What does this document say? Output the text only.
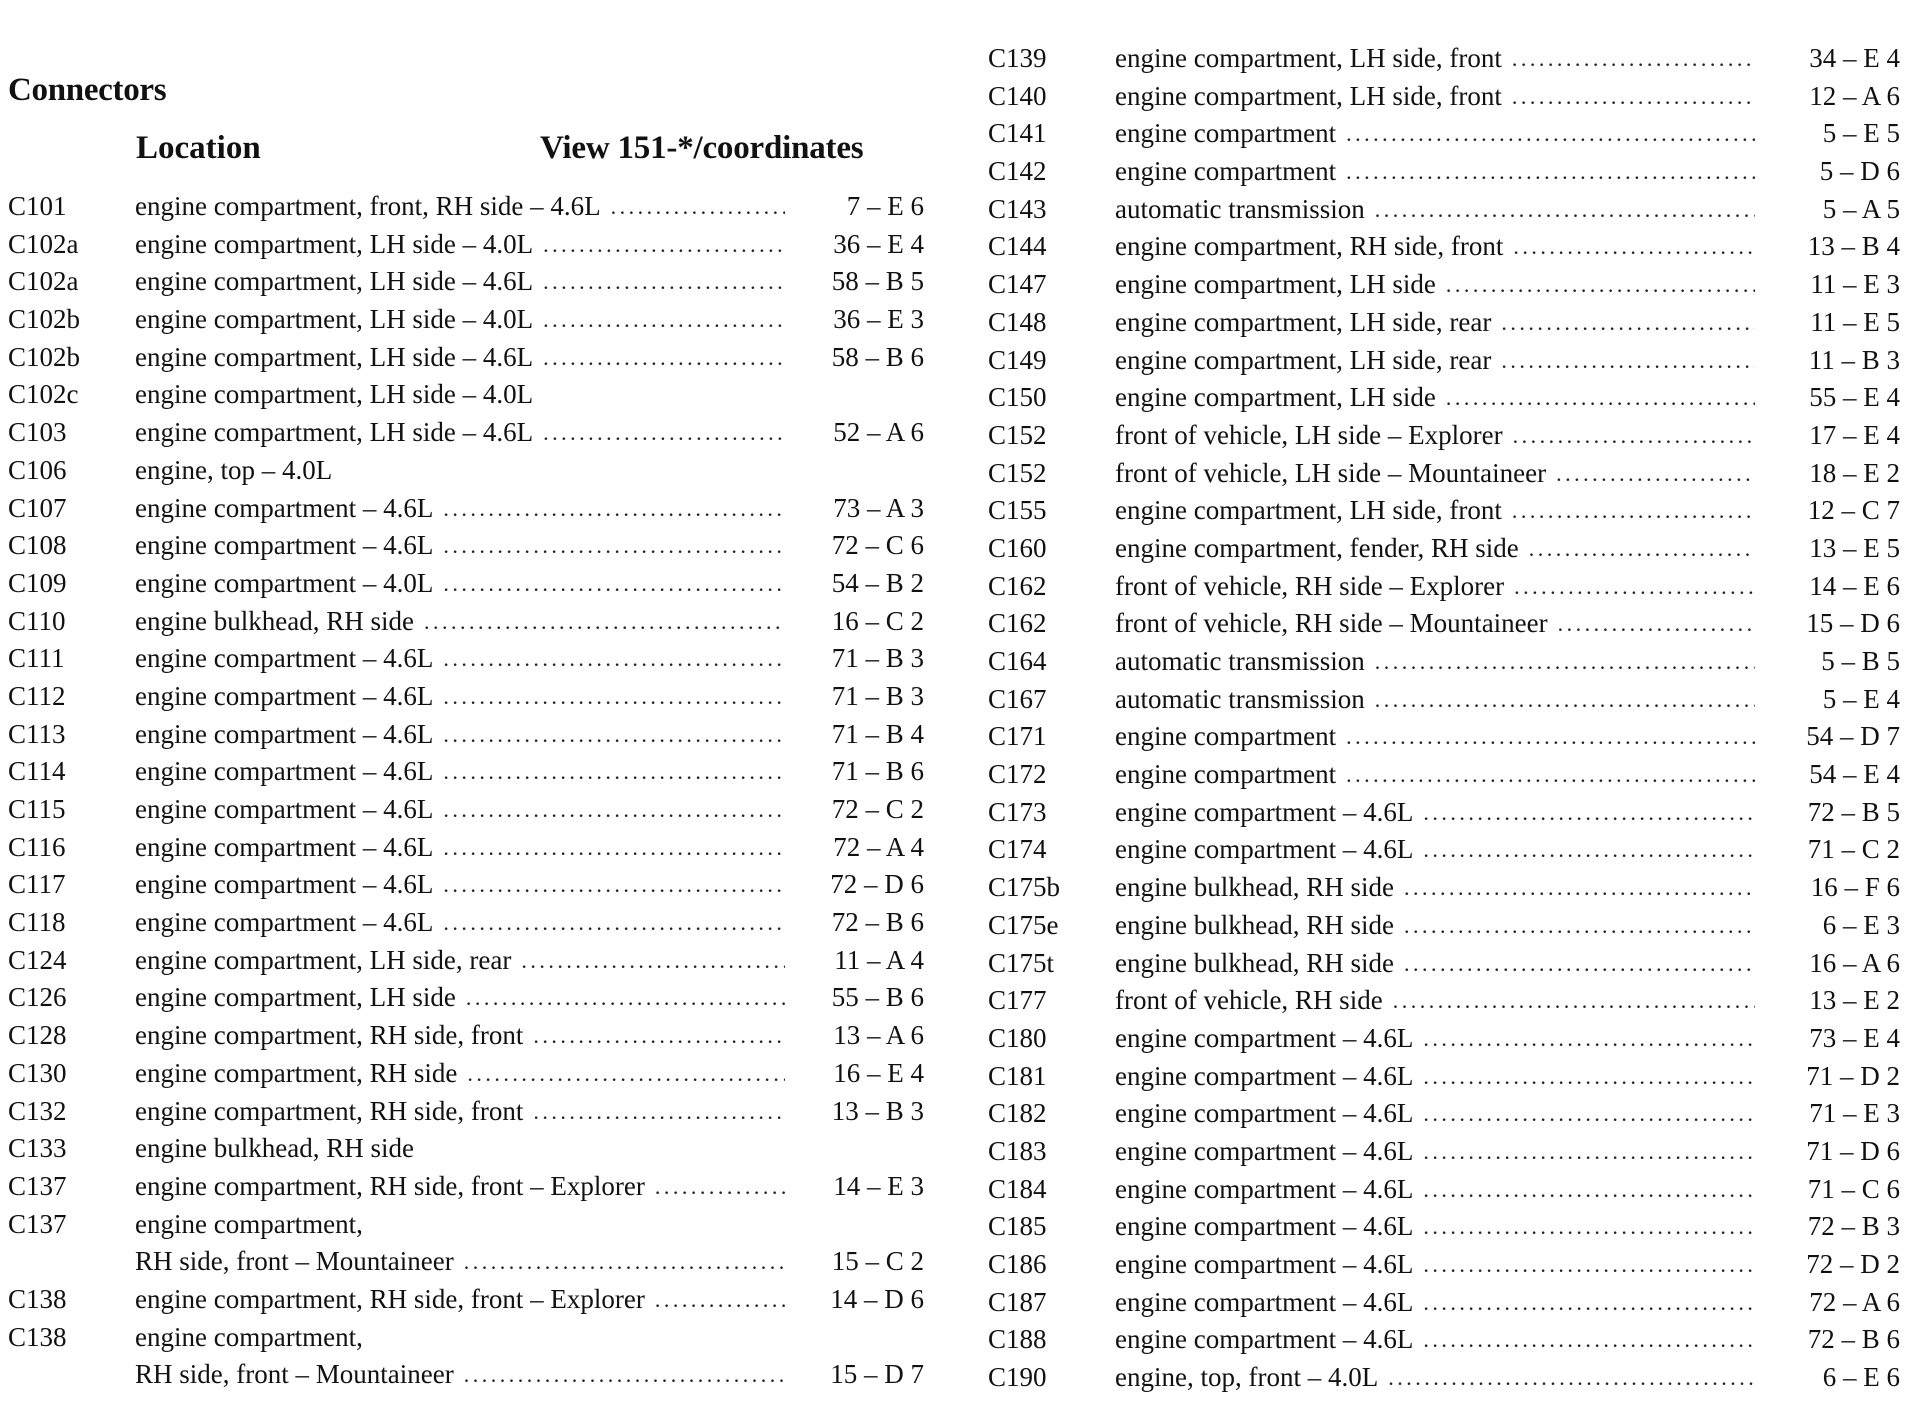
Connectors
Location	View 151-*/coordinates
C101	engine compartment, front, RH side – 4.6L . . .	7 – E 6
C102a engine compartment, LH side – 4.0L . . .	36 – E 4
C102a engine compartment, LH side – 4.6L . . .	58 – B 5
C102b engine compartment, LH side – 4.0L . . .	36 – E 3
C102b engine compartment, LH side – 4.6L . . .	58 – B 6
C102c engine compartment, LH side – 4.0L
C103	engine compartment, LH side – 4.6L . . .	52 – A 6
C106	engine, top – 4.0L
C107	engine compartment – 4.6L . . .	73 – A 3
C108	engine compartment – 4.6L . . .	72 – C 6
C109	engine compartment – 4.0L . . .	54 – B 2
C110	engine bulkhead, RH side . . .	16 – C 2
C111	engine compartment – 4.6L . . .	71 – B 3
C112	engine compartment – 4.6L . . .	71 – B 3
C113	engine compartment – 4.6L . . .	71 – B 4
C114	engine compartment – 4.6L . . .	71 – B 6
C115	engine compartment – 4.6L . . .	72 – C 2
C116	engine compartment – 4.6L . . .	72 – A 4
C117	engine compartment – 4.6L . . .	72 – D 6
C118	engine compartment – 4.6L . . .	72 – B 6
C124	engine compartment, LH side, rear . . .	11 – A 4
C126	engine compartment, LH side . . .	55 – B 6
C128	engine compartment, RH side, front . . .	13 – A 6
C130	engine compartment, RH side . . .	16 – E 4
C132	engine compartment, RH side, front . . .	13 – B 3
C133	engine bulkhead, RH side
C137	engine compartment, RH side, front – Explorer . . .	14 – E 3
C137	engine compartment,
RH side, front – Mountaineer . . .	15 – C 2
C138	engine compartment, RH side, front – Explorer . . .	14 – D 6
C138	engine compartment,
RH side, front – Mountaineer . . .	15 – D 7
C139	engine compartment, LH side, front . . .	34 – E 4
C140	engine compartment, LH side, front . . .	12 – A 6
C141	engine compartment . . .	5 – E 5
C142	engine compartment . . .	5 – D 6
C143	automatic transmission . . .	5 – A 5
C144	engine compartment, RH side, front . . .	13 – B 4
C147	engine compartment, LH side . . .	11 – E 3
C148	engine compartment, LH side, rear . . .	11 – E 5
C149	engine compartment, LH side, rear . . .	11 – B 3
C150	engine compartment, LH side . . .	55 – E 4
C152	front of vehicle, LH side – Explorer . . .	17 – E 4
C152	front of vehicle, LH side – Mountaineer . . .	18 – E 2
C155	engine compartment, LH side, front . . .	12 – C 7
C160	engine compartment, fender, RH side . . .	13 – E 5
C162	front of vehicle, RH side – Explorer . . .	14 – E 6
C162	front of vehicle, RH side – Mountaineer . . .	15 – D 6
C164	automatic transmission . . .	5 – B 5
C167	automatic transmission . . .	5 – E 4
C171	engine compartment . . .	54 – D 7
C172	engine compartment . . .	54 – E 4
C173	engine compartment – 4.6L . . .	72 – B 5
C174	engine compartment – 4.6L . . .	71 – C 2
C175b engine bulkhead, RH side . . .	16 – F 6
C175e engine bulkhead, RH side . . .	6 – E 3
C175t engine bulkhead, RH side . . .	16 – A 6
C177	front of vehicle, RH side . . .	13 – E 2
C180	engine compartment – 4.6L . . .	73 – E 4
C181	engine compartment – 4.6L . . .	71 – D 2
C182	engine compartment – 4.6L . . .	71 – E 3
C183	engine compartment – 4.6L . . .	71 – D 6
C184	engine compartment – 4.6L . . .	71 – C 6
C185	engine compartment – 4.6L . . .	72 – B 3
C186	engine compartment – 4.6L . . .	72 – D 2
C187	engine compartment – 4.6L . . .	72 – A 6
C188	engine compartment – 4.6L . . .	72 – B 6
C190	engine, top, front – 4.0L . . .	6 – E 6
